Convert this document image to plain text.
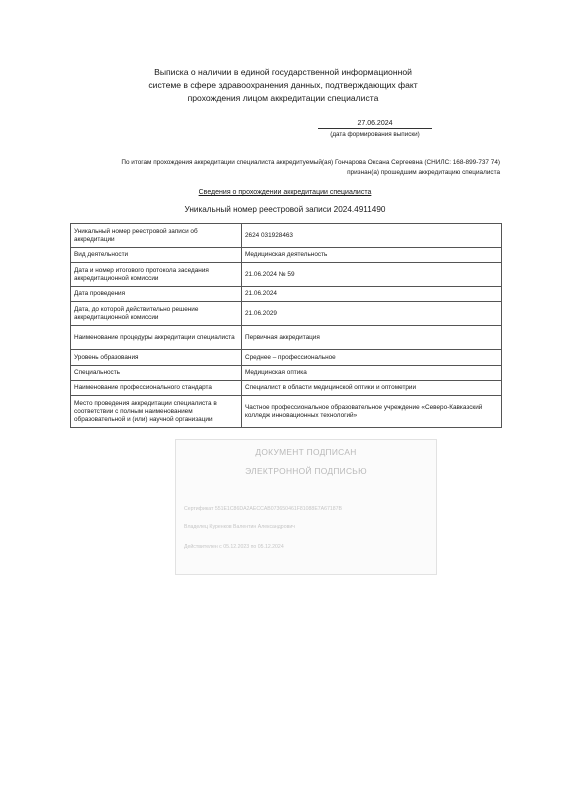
Выписка о наличии в единой государственной информационной
системе в сфере здравоохранения данных, подтверждающих факт
прохождения лицом аккредитации специалиста
27.06.2024
(дата формирования выписки)
По итогам прохождения аккредитации специалиста аккредитуемый(ая) Гончарова Оксана Сергеевна (СНИЛС: 168-899-737 74)
признан(а) прошедшим аккредитацию специалиста
Сведения о прохождении аккредитации специалиста
Уникальный номер реестровой записи 2024.4911490
Уникальный номер реестровой записи об аккредитации	2624 031928463
Вид деятельности	Медицинская деятельность
Дата и номер итогового протокола заседания аккредитационной комиссии	21.06.2024 № 59
Дата проведения	21.06.2024
Дата, до которой действительно решение аккредитационной комиссии	21.06.2029
Наименование процедуры аккредитации специалиста	Первичная аккредитация
Уровень образования	Среднее – профессиональное
Специальность	Медицинская оптика
Наименование профессионального стандарта	Специалист в области медицинской оптики и оптометрии
Место проведения аккредитации специалиста в соответствии с полным наименованием образовательной и (или) научной организации	Частное профессиональное образовательное учреждение «Северо-Кавказский колледж инновационных технологий»
ДОКУМЕНТ ПОДПИСАН
ЭЛЕКТРОННОЙ ПОДПИСЬЮ
Сертификат 551E1C86DA2AECCAB073650461F81088E7A67187B
Владелец Куренков Валентин Александрович
Действителен с 05.12.2023 по 05.12.2024
